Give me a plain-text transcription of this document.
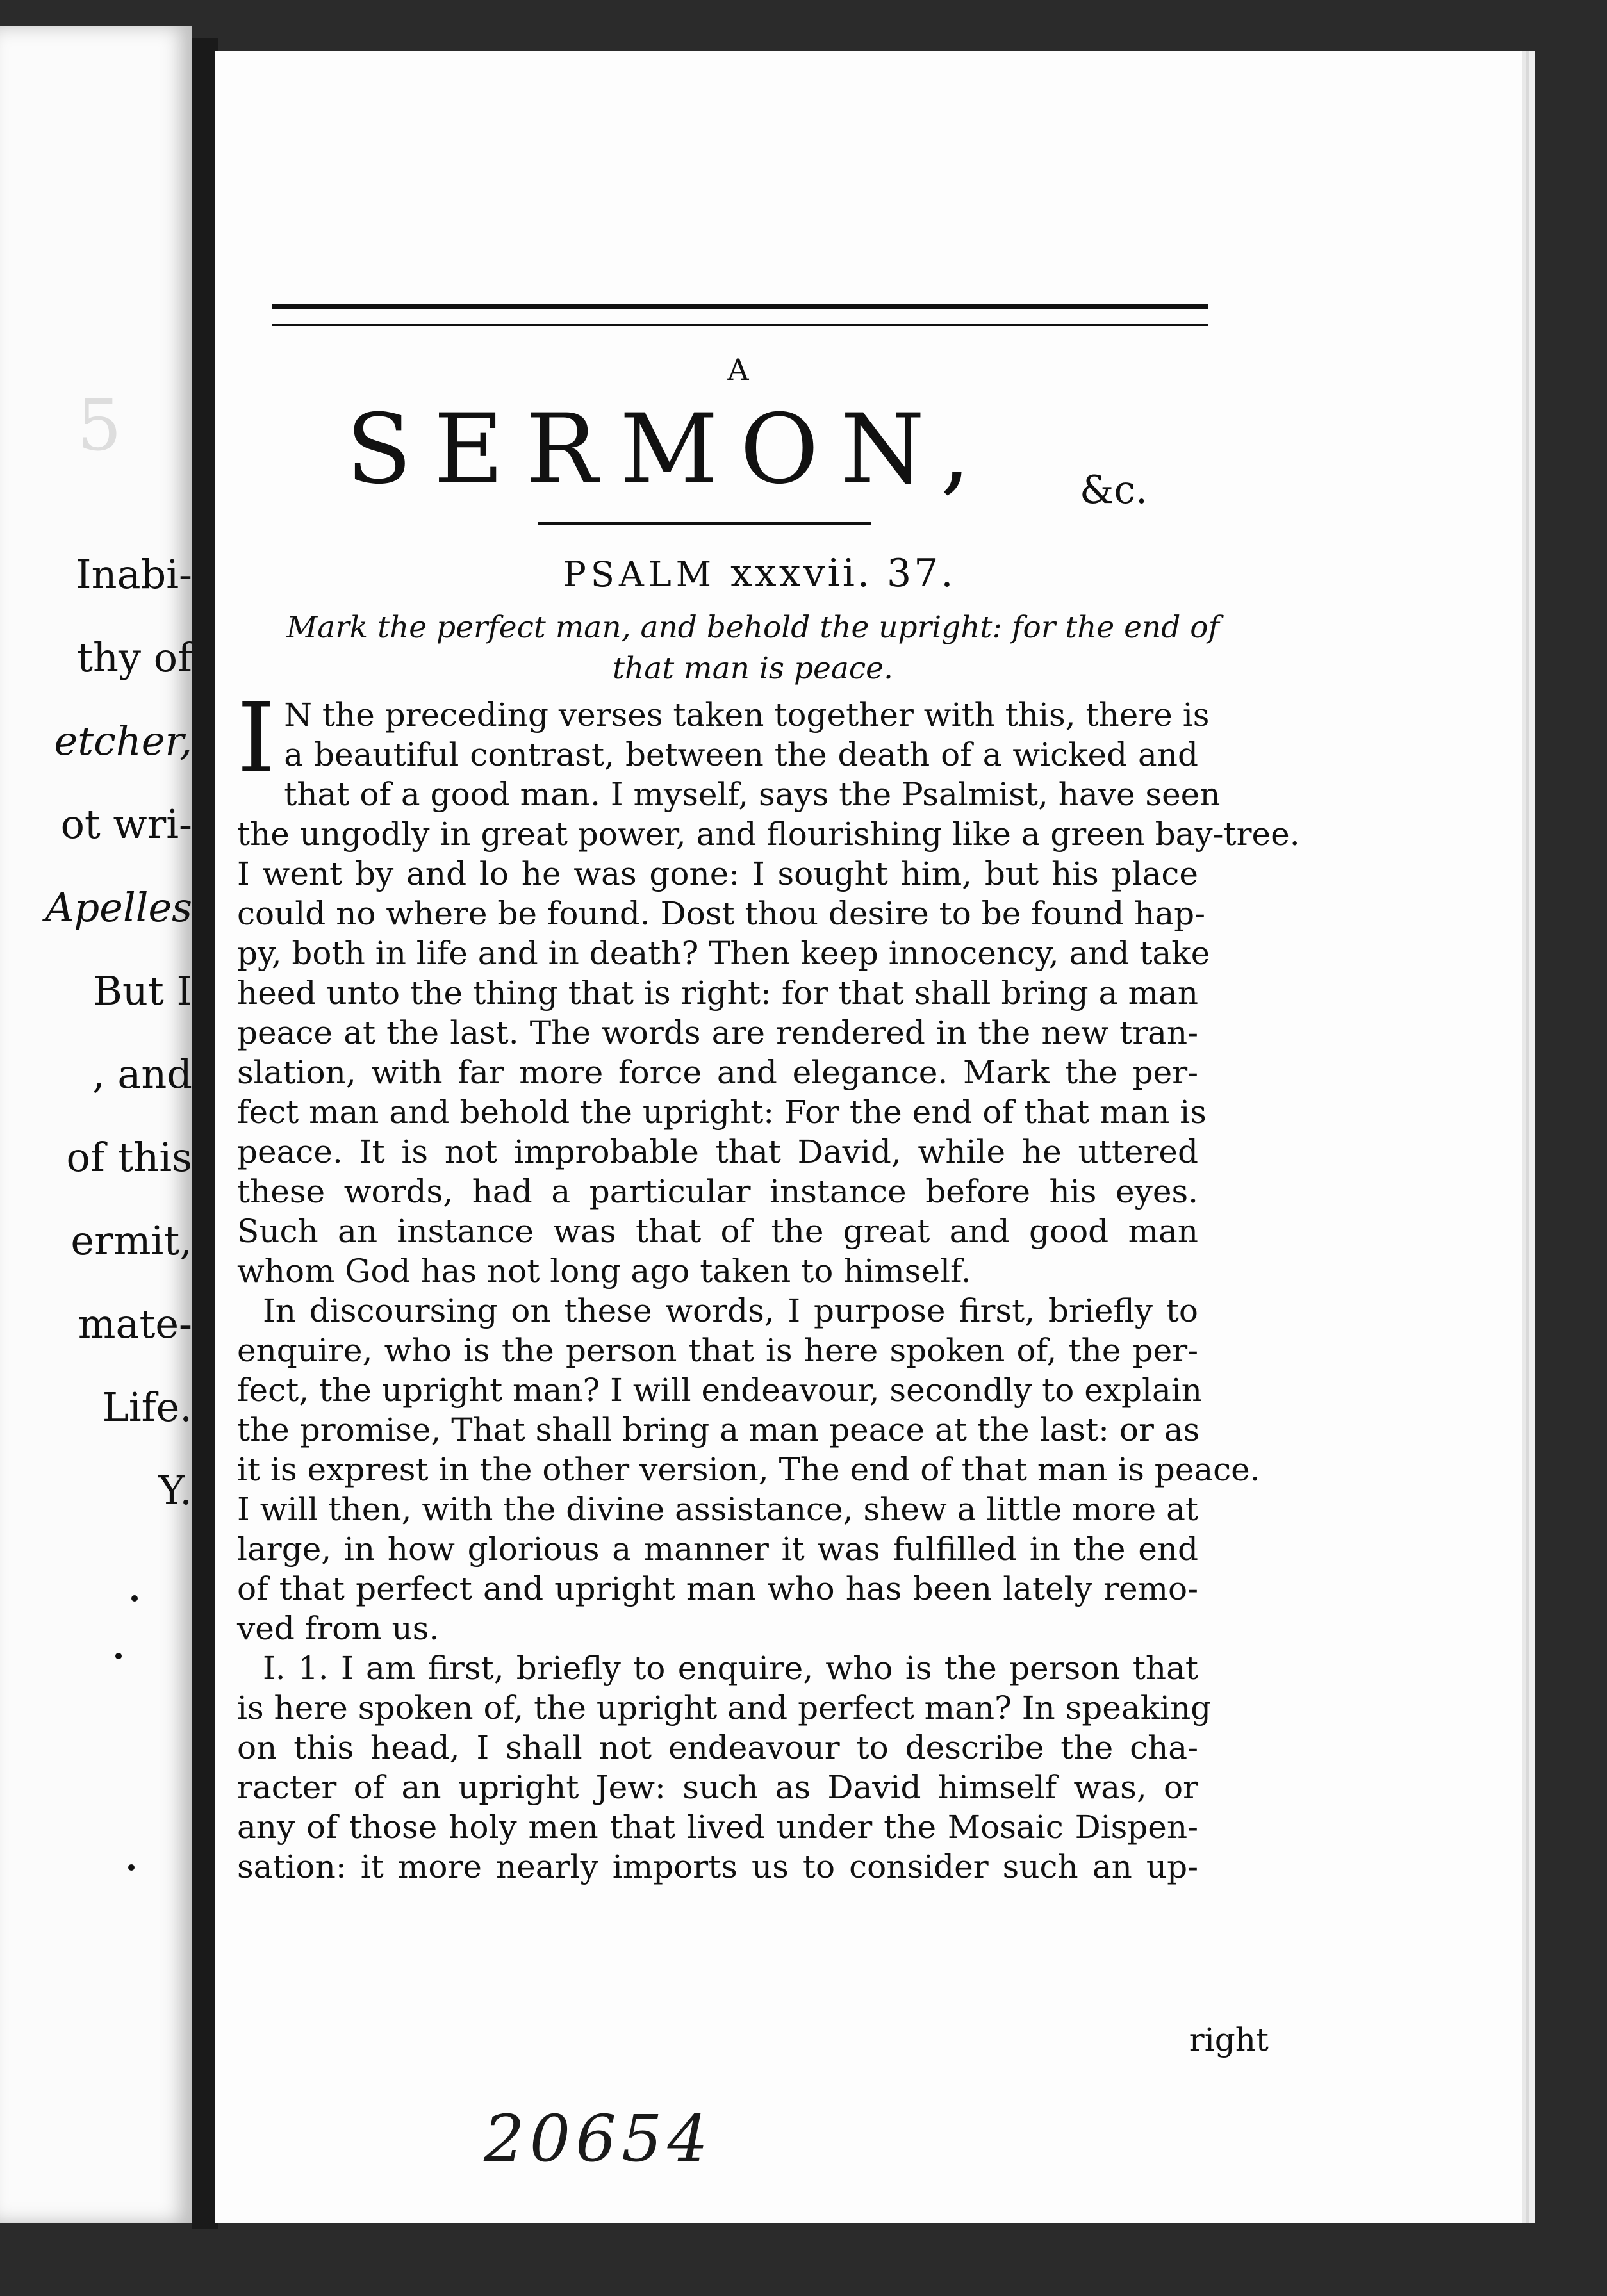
5
Inabi-
thy of
etcher,
ot wri-
Apelles
But I
, and
of this
ermit,
mate-
Life.
Y.
A
SERMON, &c.
PSALM xxxvii. 37.
Mark the perfect man, and behold the upright: for the end of
that man is peace.
I N the preceding verses taken together with this, there is
a beautiful contrast, between the death of a wicked and
that of a good man. I myself, says the Psalmist, have seen
the ungodly in great power, and flourishing like a green bay-tree.
I went by and lo he was gone: I sought him, but his place
could no where be found. Dost thou desire to be found hap-
py, both in life and in death? Then keep innocency, and take
heed unto the thing that is right: for that shall bring a man
peace at the last. The words are rendered in the new tran-
slation, with far more force and elegance. Mark the per-
fect man and behold the upright: For the end of that man is
peace. It is not improbable that David, while he uttered
these words, had a particular instance before his eyes.
Such an instance was that of the great and good man
whom God has not long ago taken to himself.
In discoursing on these words, I purpose first, briefly to
enquire, who is the person that is here spoken of, the per-
fect, the upright man? I will endeavour, secondly to explain
the promise, That shall bring a man peace at the last: or as
it is exprest in the other version, The end of that man is peace.
I will then, with the divine assistance, shew a little more at
large, in how glorious a manner it was fulfilled in the end
of that perfect and upright man who has been lately remo-
ved from us.
I. 1. I am first, briefly to enquire, who is the person that
is here spoken of, the upright and perfect man? In speaking
on this head, I shall not endeavour to describe the cha-
racter of an upright Jew: such as David himself was, or
any of those holy men that lived under the Mosaic Dispen-
sation: it more nearly imports us to consider such an up-
right
20654
